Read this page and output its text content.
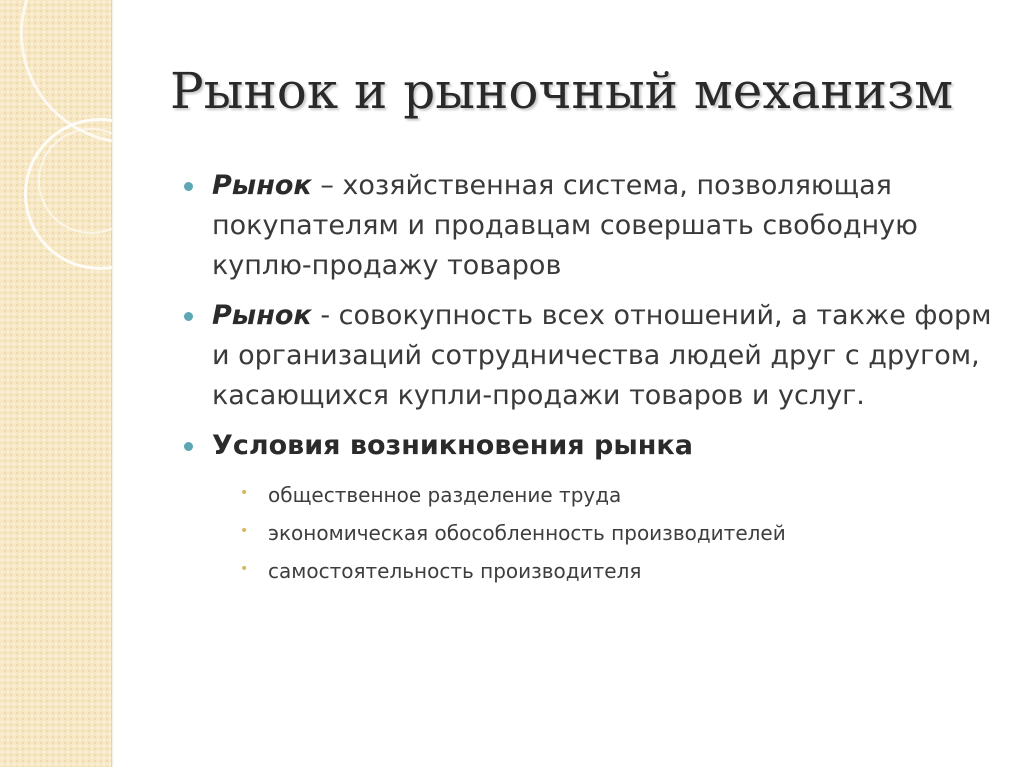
Рынок и рыночный механизм
Рынок – хозяйственная система, позволяющая покупателям и продавцам совершать свободную куплю-продажу товаров
Рынок - совокупность всех отношений, а также форм и организаций сотрудничества людей друг с другом, касающихся купли-продажи товаров и услуг.
Условия возникновения рынка
• общественное разделение труда
• экономическая обособленность производителей
• самостоятельность производителя
